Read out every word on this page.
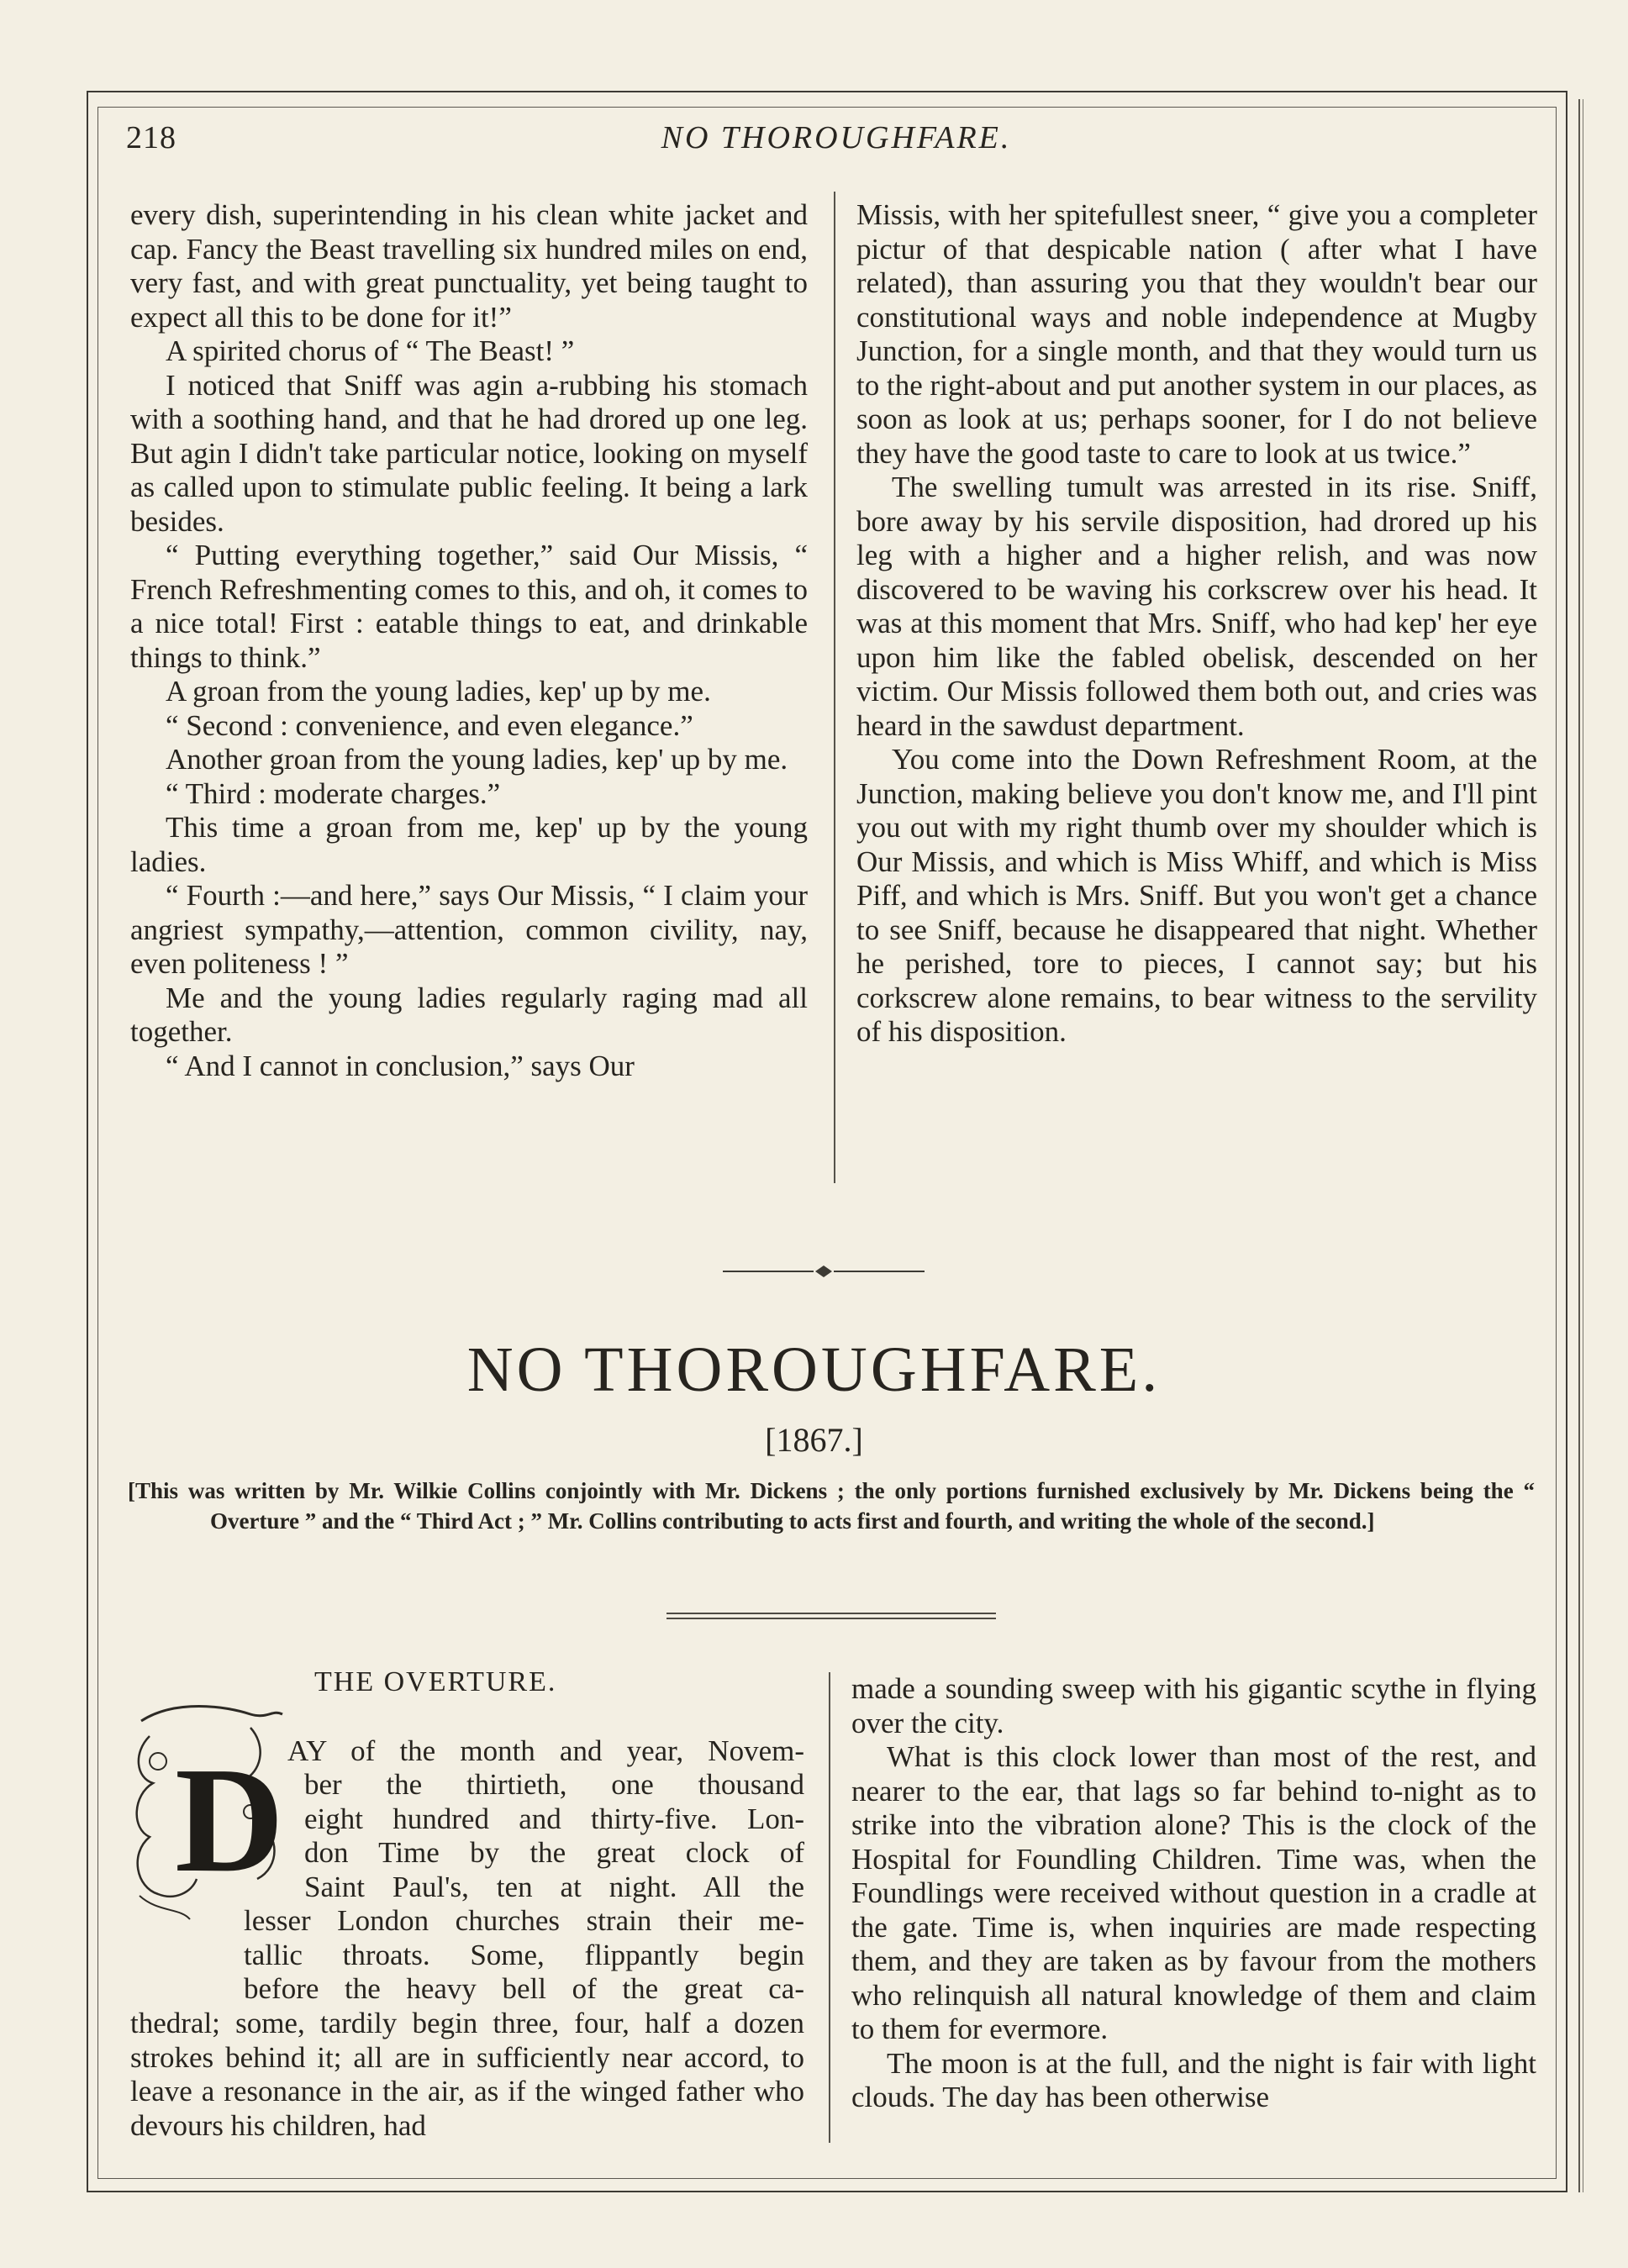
218	NO THOROUGHFARE.

every dish, superintending in his clean white jacket and cap. Fancy the Beast travelling six hundred miles on end, very fast, and with great punctuality, yet being taught to expect all this to be done for it!”

A spirited chorus of “ The Beast! ”

I noticed that Sniff was agin a-rubbing his stomach with a soothing hand, and that he had drored up one leg. But agin I didn't take particular notice, looking on myself as called upon to stimulate public feeling. It being a lark besides.

“ Putting everything together,” said Our Missis, “ French Refreshmenting comes to this, and oh, it comes to a nice total! First : eatable things to eat, and drinkable things to think.”

A groan from the young ladies, kep' up by me.

“ Second : convenience, and even elegance.”

Another groan from the young ladies, kep' up by me.

“ Third : moderate charges.”

This time a groan from me, kep' up by the young ladies.

“ Fourth :—and here,” says Our Missis, “ I claim your angriest sympathy,—attention, common civility, nay, even politeness ! ”

Me and the young ladies regularly raging mad all together.

“ And I cannot in conclusion,” says Our

Missis, with her spitefullest sneer, “ give you a completer pictur of that despicable nation ( after what I have related), than assuring you that they wouldn't bear our constitutional ways and noble independence at Mugby Junction, for a single month, and that they would turn us to the right-about and put another system in our places, as soon as look at us; perhaps sooner, for I do not believe they have the good taste to care to look at us twice.”

The swelling tumult was arrested in its rise. Sniff, bore away by his servile disposition, had drored up his leg with a higher and a higher relish, and was now discovered to be waving his corkscrew over his head. It was at this moment that Mrs. Sniff, who had kep' her eye upon him like the fabled obelisk, descended on her victim. Our Missis followed them both out, and cries was heard in the sawdust department.

You come into the Down Refreshment Room, at the Junction, making believe you don't know me, and I'll pint you out with my right thumb over my shoulder which is Our Missis, and which is Miss Whiff, and which is Miss Piff, and which is Mrs. Sniff. But you won't get a chance to see Sniff, because he disappeared that night. Whether he perished, tore to pieces, I cannot say; but his corkscrew alone remains, to bear witness to the servility of his disposition.

NO THOROUGHFARE.
[1867.]

[This was written by Mr. Wilkie Collins conjointly with Mr. Dickens ; the only portions furnished exclusively by Mr. Dickens being the “ Overture ” and the “ Third Act ; ” Mr. Collins contributing to acts first and fourth, and writing the whole of the second.]

THE OVERTURE.
D AY of the month and year, Novem-
ber the thirtieth, one thousand
eight hundred and thirty-five. Lon-
don Time by the great clock of
Saint Paul's, ten at night. All the
lesser London churches strain their me-
tallic throats. Some, flippantly begin
before the heavy bell of the great ca-

thedral; some, tardily begin three, four, half a dozen strokes behind it; all are in sufficiently near accord, to leave a resonance in the air, as if the winged father who devours his children, had

made a sounding sweep with his gigantic scythe in flying over the city.

What is this clock lower than most of the rest, and nearer to the ear, that lags so far behind to-night as to strike into the vibration alone? This is the clock of the Hospital for Foundling Children. Time was, when the Foundlings were received without question in a cradle at the gate. Time is, when inquiries are made respecting them, and they are taken as by favour from the mothers who relinquish all natural knowledge of them and claim to them for evermore.

The moon is at the full, and the night is fair with light clouds. The day has been otherwise
